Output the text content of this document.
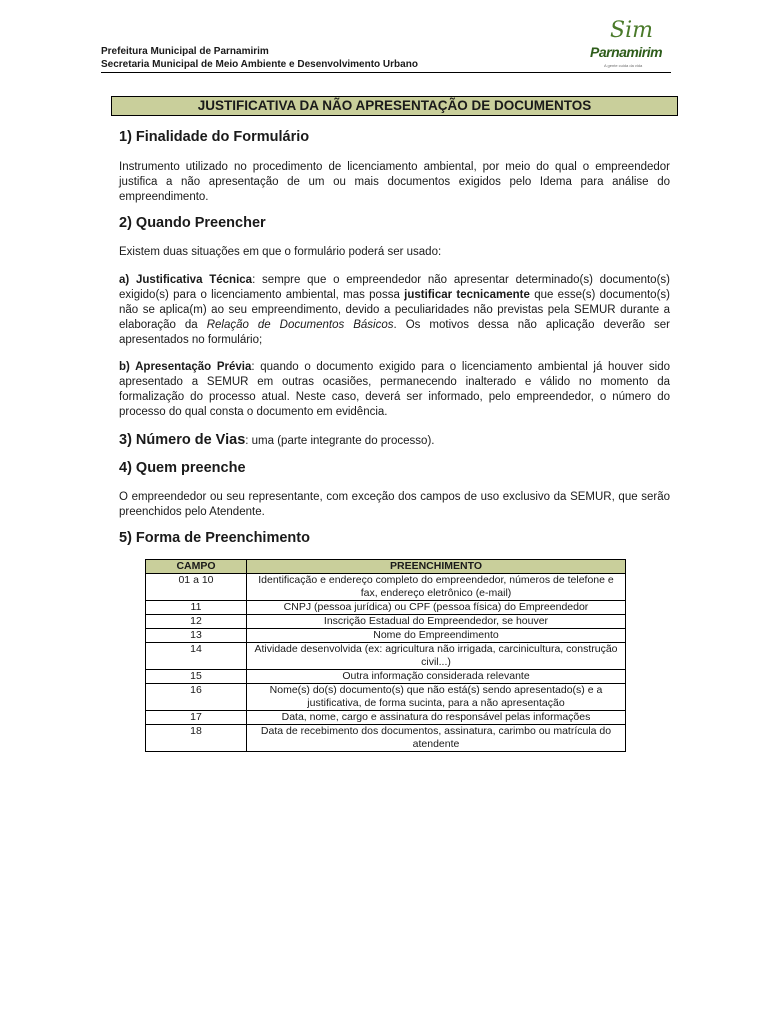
Prefeitura Municipal de Parnamirim
Secretaria Municipal de Meio Ambiente e Desenvolvimento Urbano
Sim
Parnamirim
A gente cuida da vida
JUSTIFICATIVA DA NÃO APRESENTAÇÃO DE DOCUMENTOS
1) Finalidade do Formulário
Instrumento utilizado no procedimento de licenciamento ambiental, por meio do qual o empreendedor justifica a não apresentação de um ou mais documentos exigidos pelo Idema para análise do empreendimento.
2) Quando Preencher
Existem duas situações em que o formulário poderá ser usado:
a) Justificativa Técnica: sempre que o empreendedor não apresentar determinado(s) documento(s) exigido(s) para o licenciamento ambiental, mas possa justificar tecnicamente que esse(s) documento(s) não se aplica(m) ao seu empreendimento, devido a peculiaridades não previstas pela SEMUR durante a elaboração da Relação de Documentos Básicos. Os motivos dessa não aplicação deverão ser apresentados no formulário;
b) Apresentação Prévia: quando o documento exigido para o licenciamento ambiental já houver sido apresentado a SEMUR em outras ocasiões, permanecendo inalterado e válido no momento da formalização do processo atual. Neste caso, deverá ser informado, pelo empreendedor, o número do processo do qual consta o documento em evidência.
3) Número de Vias: uma (parte integrante do processo).
4) Quem preenche
O empreendedor ou seu representante, com exceção dos campos de uso exclusivo da SEMUR, que serão preenchidos pelo Atendente.
5) Forma de Preenchimento
CAMPO	PREENCHIMENTO
01 a 10	Identificação e endereço completo do empreendedor, números de telefone e fax, endereço eletrônico (e-mail)
11	CNPJ (pessoa jurídica) ou CPF (pessoa física) do Empreendedor
12	Inscrição Estadual do Empreendedor, se houver
13	Nome do Empreendimento
14	Atividade desenvolvida (ex: agricultura não irrigada, carcinicultura, construção civil...)
15	Outra informação considerada relevante
16	Nome(s) do(s) documento(s) que não está(s) sendo apresentado(s) e a justificativa, de forma sucinta, para a não apresentação
17	Data, nome, cargo e assinatura do responsável pelas informações
18	Data de recebimento dos documentos, assinatura, carimbo ou matrícula do atendente
